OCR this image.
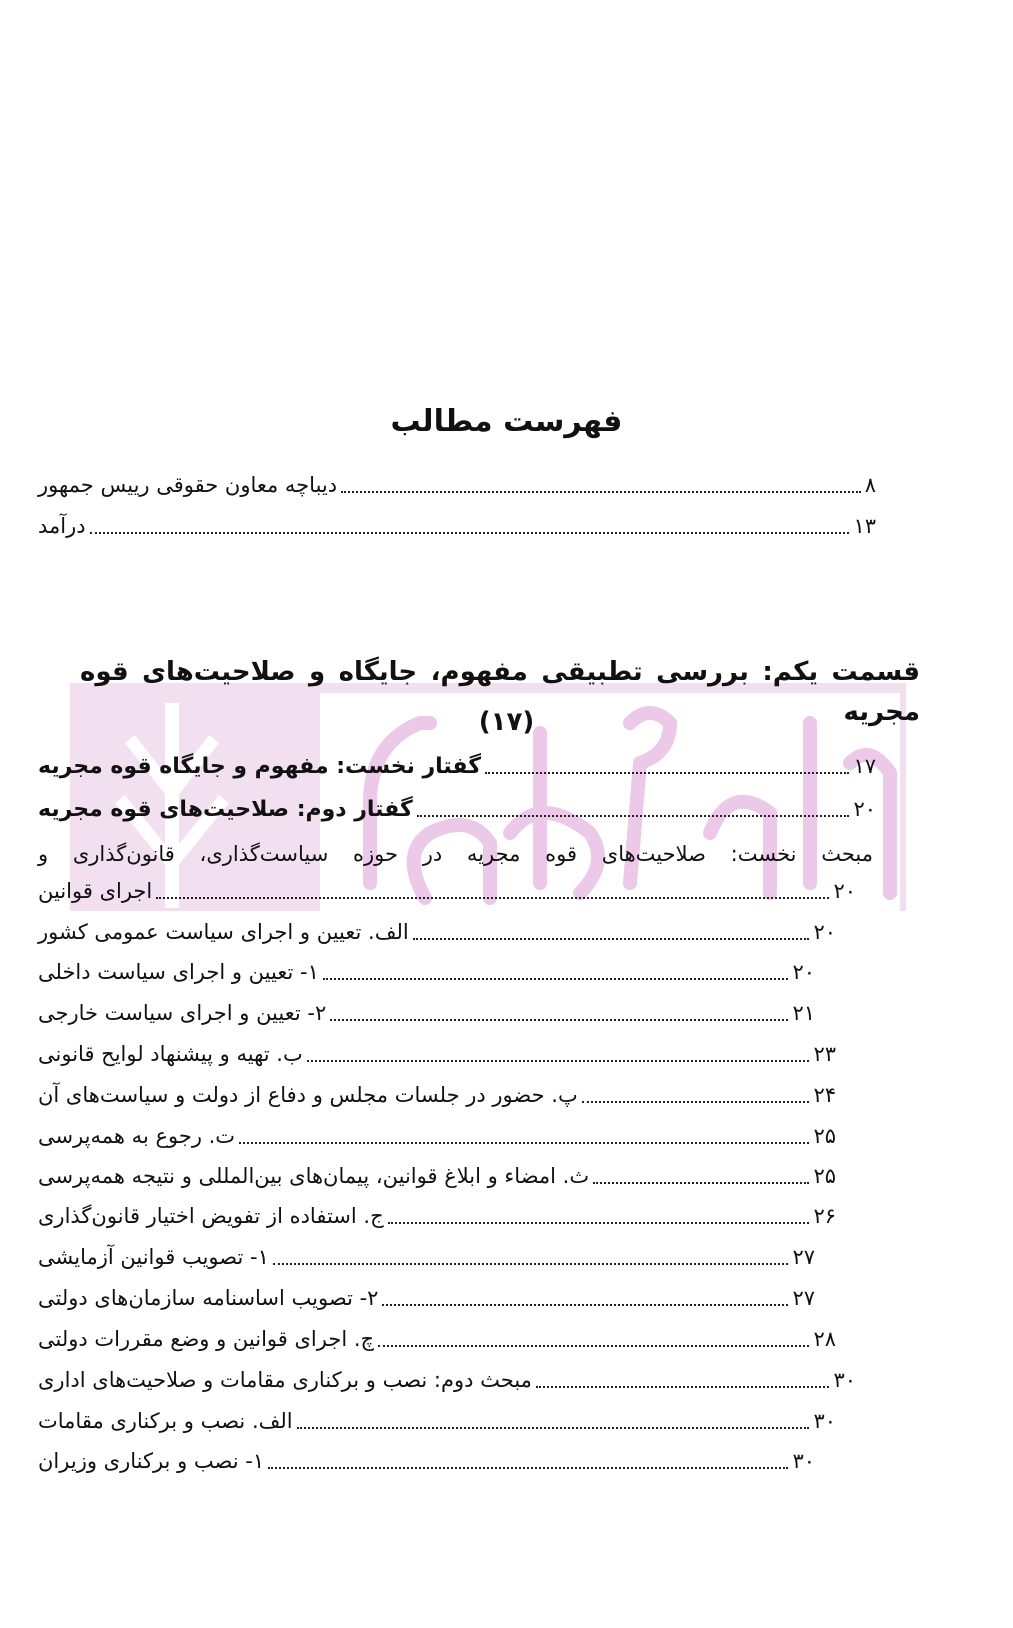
فهرست مطالب
دیباچه معاون حقوقی رییس جمهور	۸
درآمد	۱۳
قسمت یکم: بررسی تطبیقی مفهوم، جایگاه و صلاحیت‌های قوه مجریه
(۱۷)
گفتار نخست: مفهوم و جایگاه قوه مجریه	۱۷
گفتار دوم: صلاحیت‌های قوه مجریه	۲۰
مبحث نخست: صلاحیت‌های قوه مجریه در حوزه سیاست‌گذاری، قانون‌گذاری و
اجرای قوانین	۲۰
الف. تعیین و اجرای سیاست عمومی کشور	۲۰
۱- تعیین و اجرای سیاست داخلی	۲۰
۲- تعیین و اجرای سیاست خارجی	۲۱
ب. تهیه و پیشنهاد لوایح قانونی	۲۳
پ. حضور در جلسات مجلس و دفاع از دولت و سیاست‌های آن	۲۴
ت. رجوع به همه‌پرسی	۲۵
ث. امضاء و ابلاغ قوانین، پیمان‌های بین‌المللی و نتیجه همه‌پرسی	۲۵
ج. استفاده از تفویض اختیار قانون‌گذاری	۲۶
۱- تصویب قوانین آزمایشی	۲۷
۲- تصویب اساسنامه سازمان‌های دولتی	۲۷
چ. اجرای قوانین و وضع مقررات دولتی	۲۸
مبحث دوم: نصب و برکناری مقامات و صلاحیت‌های اداری	۳۰
الف. نصب و برکناری مقامات	۳۰
۱- نصب و برکناری وزیران	۳۰
